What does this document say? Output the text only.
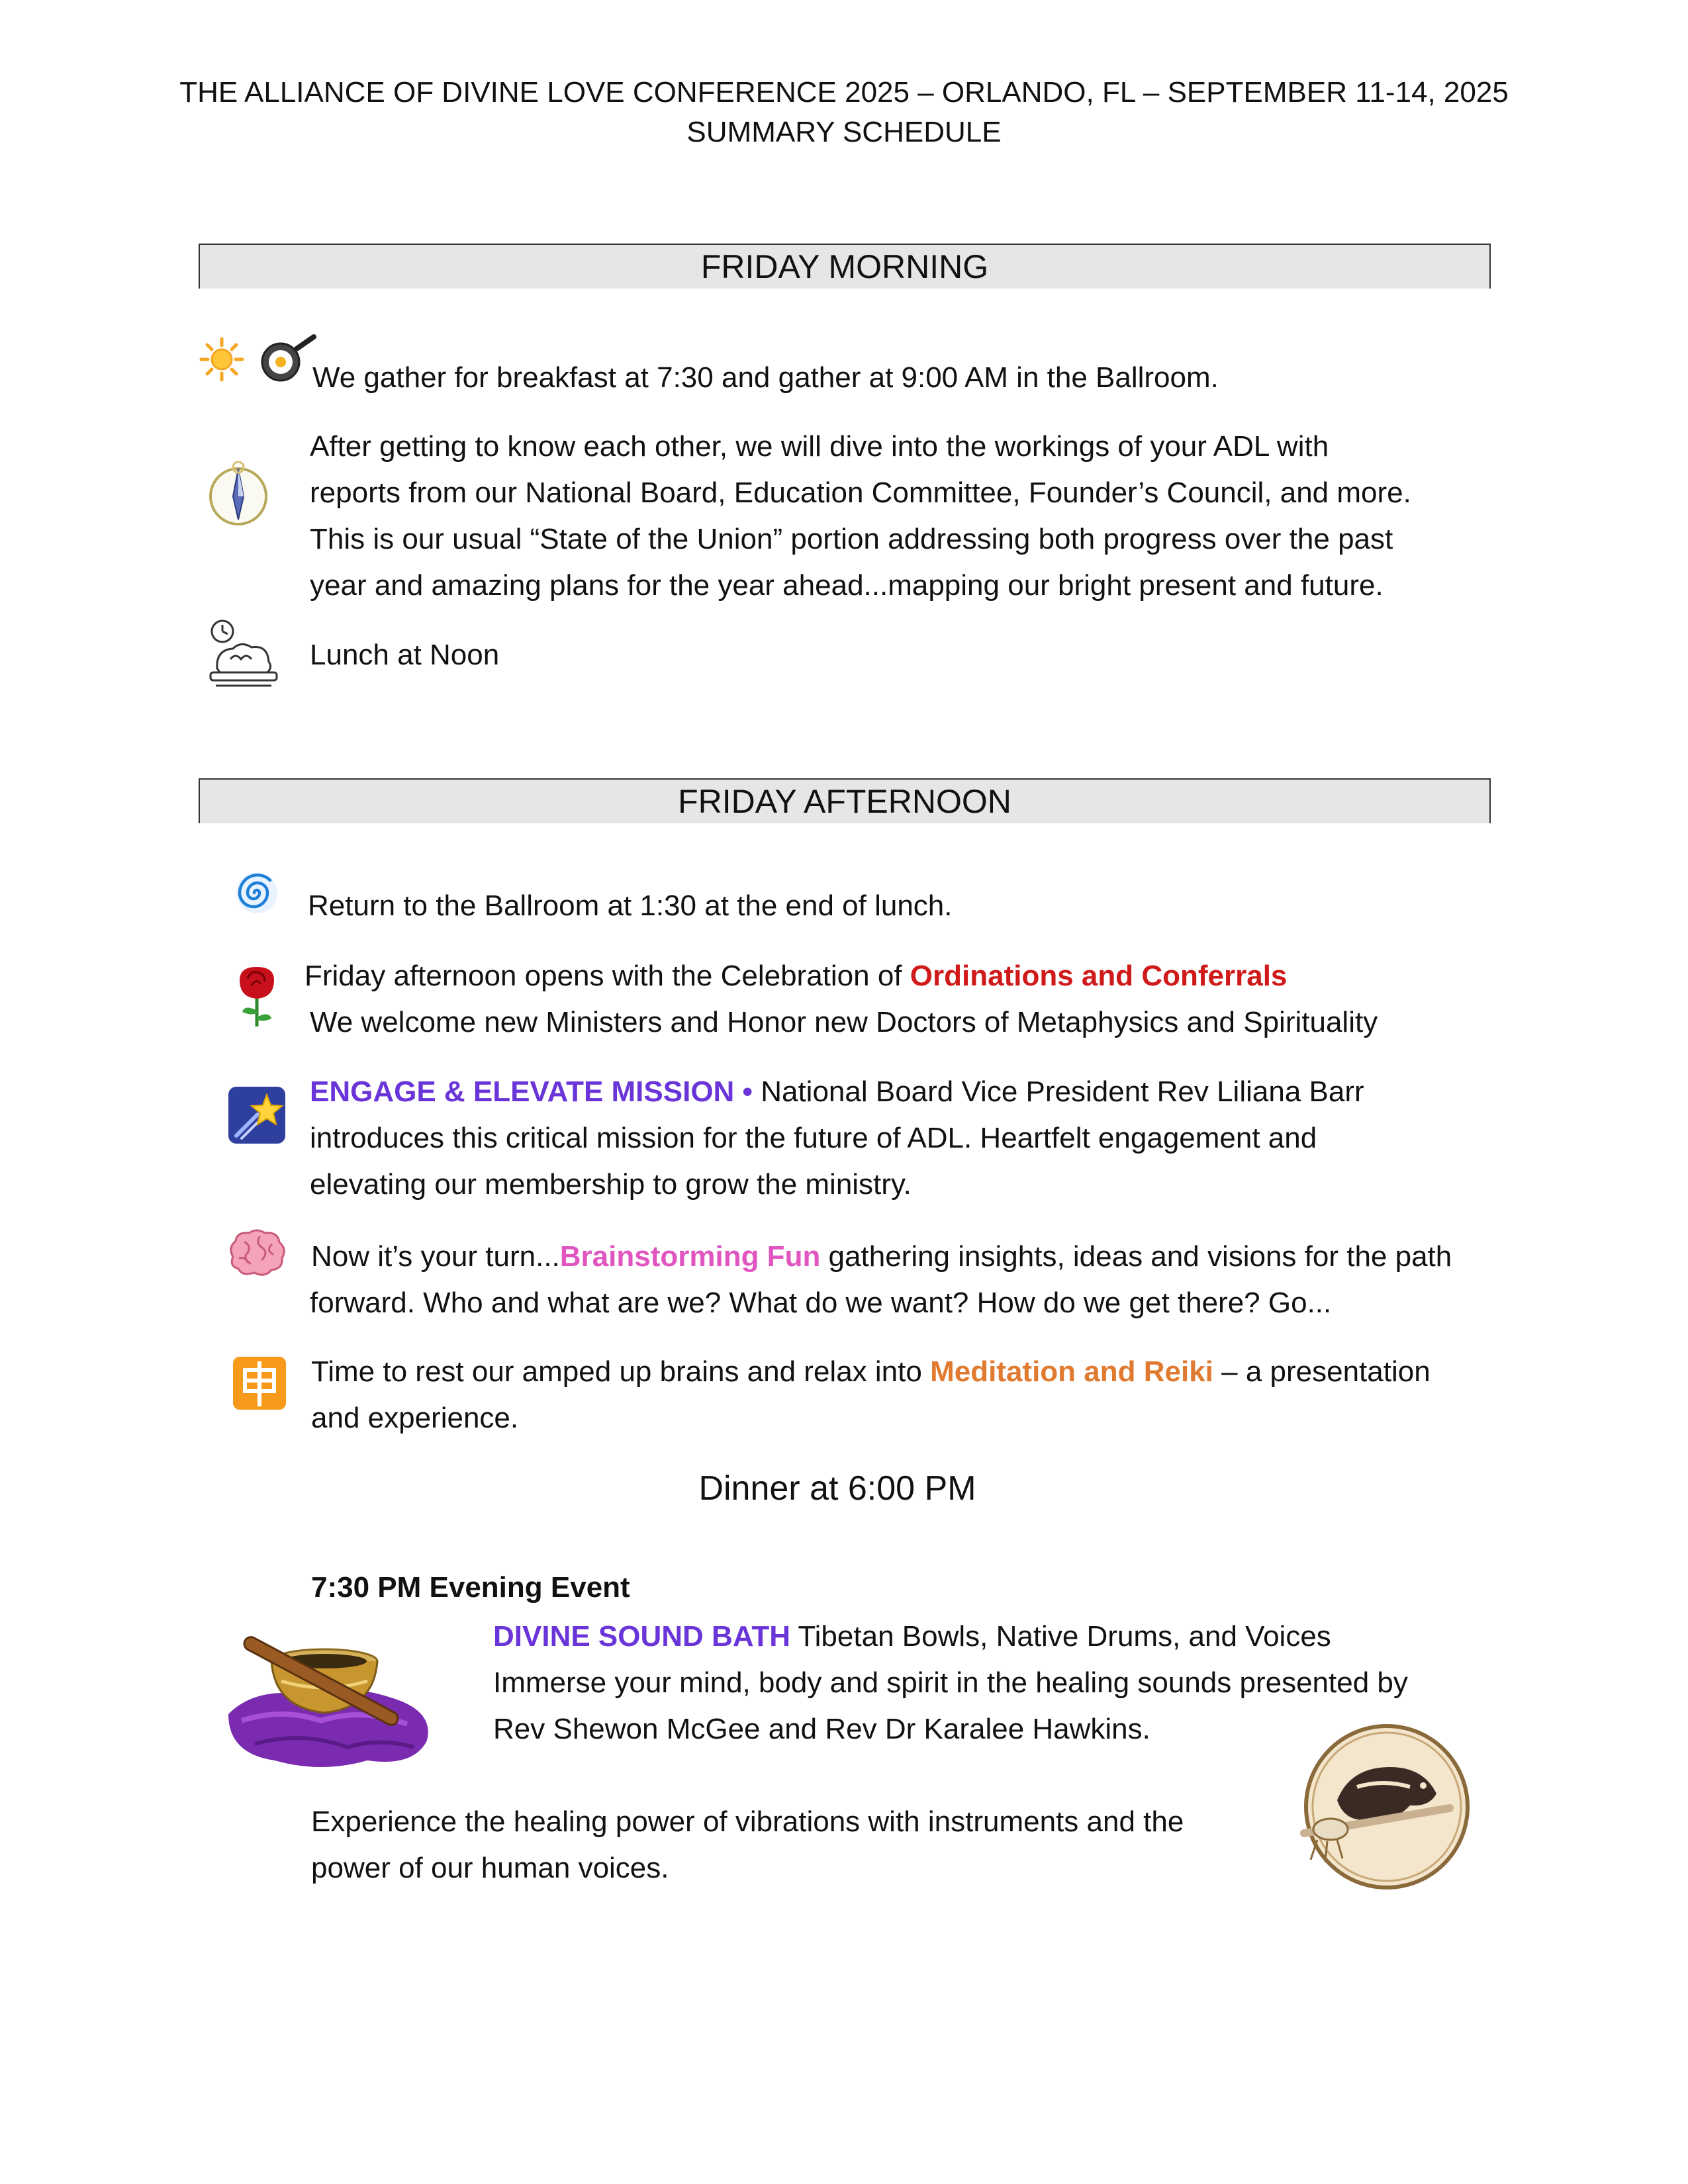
THE ALLIANCE OF DIVINE LOVE CONFERENCE 2025 – ORLANDO, FL – SEPTEMBER 11-14, 2025
SUMMARY SCHEDULE
FRIDAY MORNING
We gather for breakfast at 7:30 and gather at 9:00 AM in the Ballroom.
After getting to know each other, we will dive into the workings of your ADL with
reports from our National Board, Education Committee, Founder’s Council, and more.
This is our usual “State of the Union” portion addressing both progress over the past
year and amazing plans for the year ahead...mapping our bright present and future.
Lunch at Noon
FRIDAY AFTERNOON
Return to the Ballroom at 1:30 at the end of lunch.
Friday afternoon opens with the Celebration of Ordinations and Conferrals
We welcome new Ministers and Honor new Doctors of Metaphysics and Spirituality
ENGAGE & ELEVATE MISSION • National Board Vice President Rev Liliana Barr
introduces this critical mission for the future of ADL. Heartfelt engagement and
elevating our membership to grow the ministry.
Now it’s your turn...Brainstorming Fun gathering insights, ideas and visions for the path
forward. Who and what are we? What do we want? How do we get there? Go...
Time to rest our amped up brains and relax into Meditation and Reiki – a presentation
and experience.
Dinner at 6:00 PM
7:30 PM Evening Event
DIVINE SOUND BATH Tibetan Bowls, Native Drums, and Voices
Immerse your mind, body and spirit in the healing sounds presented by
Rev Shewon McGee and Rev Dr Karalee Hawkins.
Experience the healing power of vibrations with instruments and the
power of our human voices.
